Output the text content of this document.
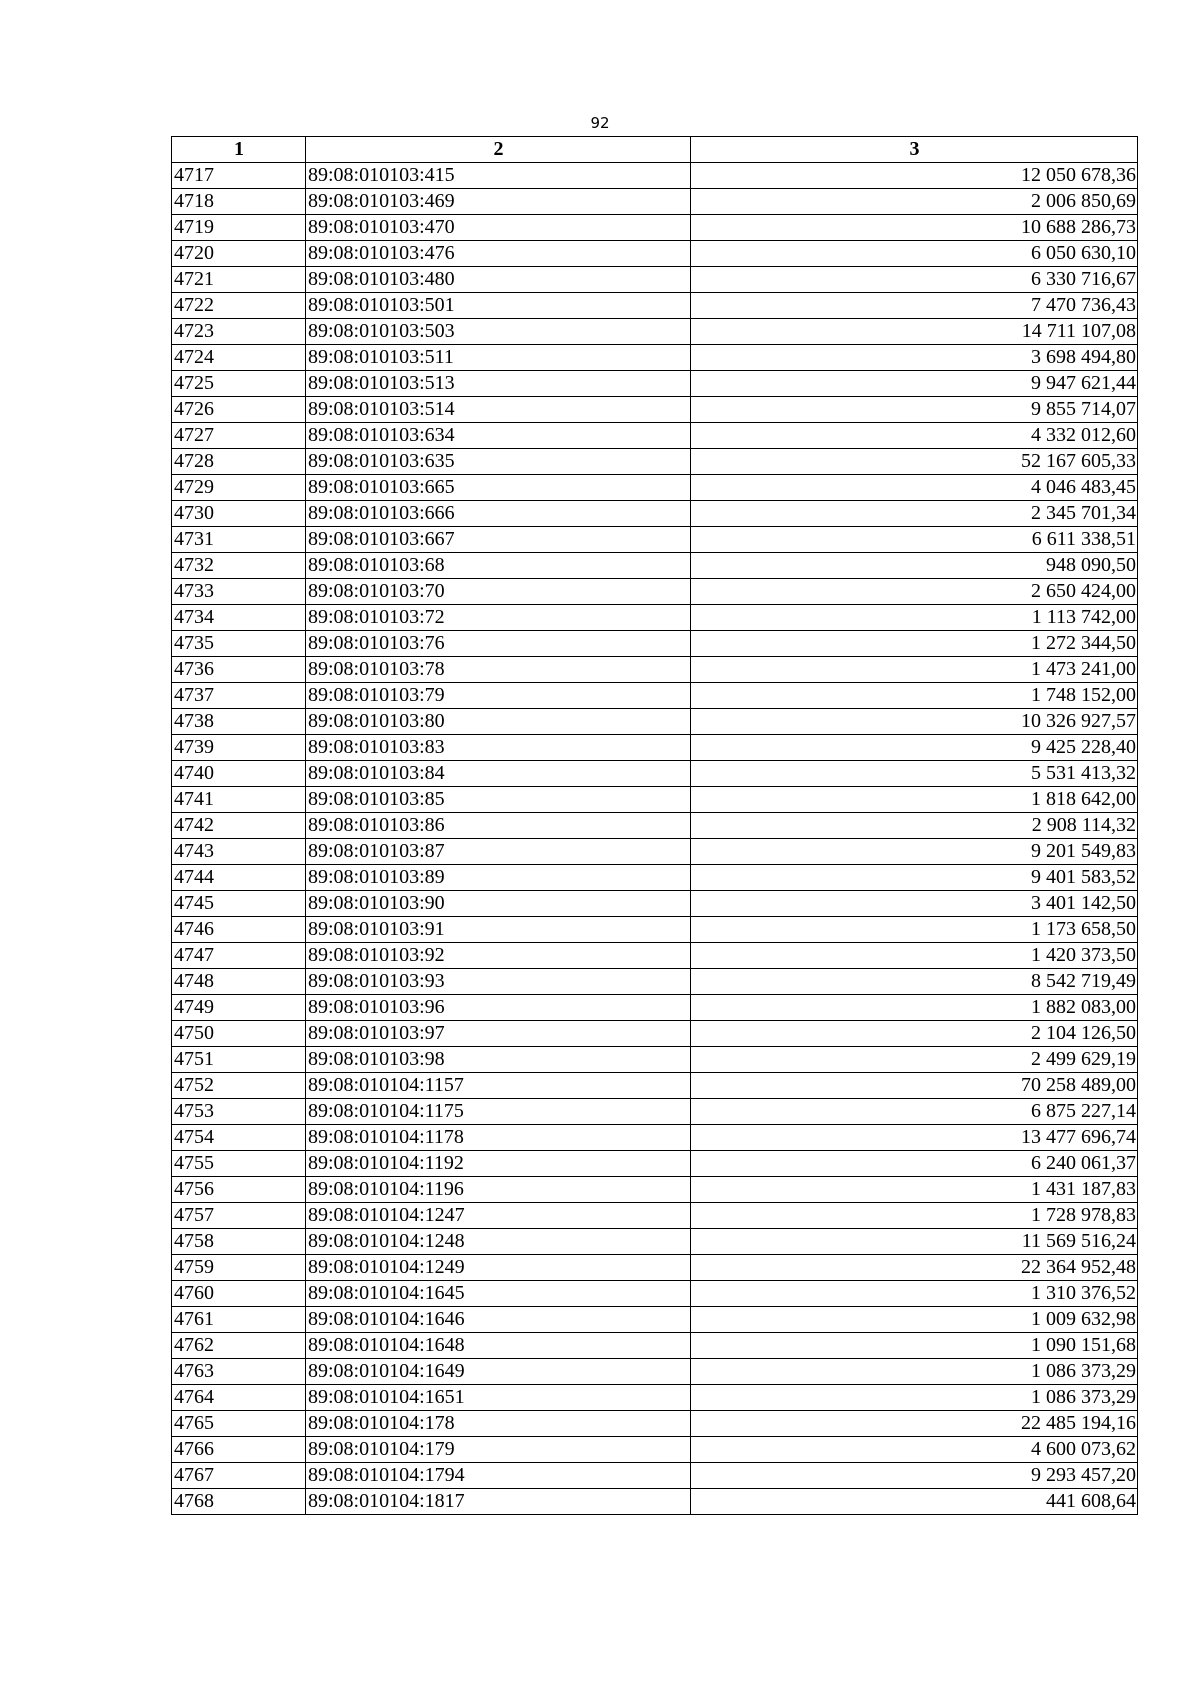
92
1	2	3
4717	89:08:010103:415	12 050 678,36
4718	89:08:010103:469	2 006 850,69
4719	89:08:010103:470	10 688 286,73
4720	89:08:010103:476	6 050 630,10
4721	89:08:010103:480	6 330 716,67
4722	89:08:010103:501	7 470 736,43
4723	89:08:010103:503	14 711 107,08
4724	89:08:010103:511	3 698 494,80
4725	89:08:010103:513	9 947 621,44
4726	89:08:010103:514	9 855 714,07
4727	89:08:010103:634	4 332 012,60
4728	89:08:010103:635	52 167 605,33
4729	89:08:010103:665	4 046 483,45
4730	89:08:010103:666	2 345 701,34
4731	89:08:010103:667	6 611 338,51
4732	89:08:010103:68	948 090,50
4733	89:08:010103:70	2 650 424,00
4734	89:08:010103:72	1 113 742,00
4735	89:08:010103:76	1 272 344,50
4736	89:08:010103:78	1 473 241,00
4737	89:08:010103:79	1 748 152,00
4738	89:08:010103:80	10 326 927,57
4739	89:08:010103:83	9 425 228,40
4740	89:08:010103:84	5 531 413,32
4741	89:08:010103:85	1 818 642,00
4742	89:08:010103:86	2 908 114,32
4743	89:08:010103:87	9 201 549,83
4744	89:08:010103:89	9 401 583,52
4745	89:08:010103:90	3 401 142,50
4746	89:08:010103:91	1 173 658,50
4747	89:08:010103:92	1 420 373,50
4748	89:08:010103:93	8 542 719,49
4749	89:08:010103:96	1 882 083,00
4750	89:08:010103:97	2 104 126,50
4751	89:08:010103:98	2 499 629,19
4752	89:08:010104:1157	70 258 489,00
4753	89:08:010104:1175	6 875 227,14
4754	89:08:010104:1178	13 477 696,74
4755	89:08:010104:1192	6 240 061,37
4756	89:08:010104:1196	1 431 187,83
4757	89:08:010104:1247	1 728 978,83
4758	89:08:010104:1248	11 569 516,24
4759	89:08:010104:1249	22 364 952,48
4760	89:08:010104:1645	1 310 376,52
4761	89:08:010104:1646	1 009 632,98
4762	89:08:010104:1648	1 090 151,68
4763	89:08:010104:1649	1 086 373,29
4764	89:08:010104:1651	1 086 373,29
4765	89:08:010104:178	22 485 194,16
4766	89:08:010104:179	4 600 073,62
4767	89:08:010104:1794	9 293 457,20
4768	89:08:010104:1817	441 608,64
